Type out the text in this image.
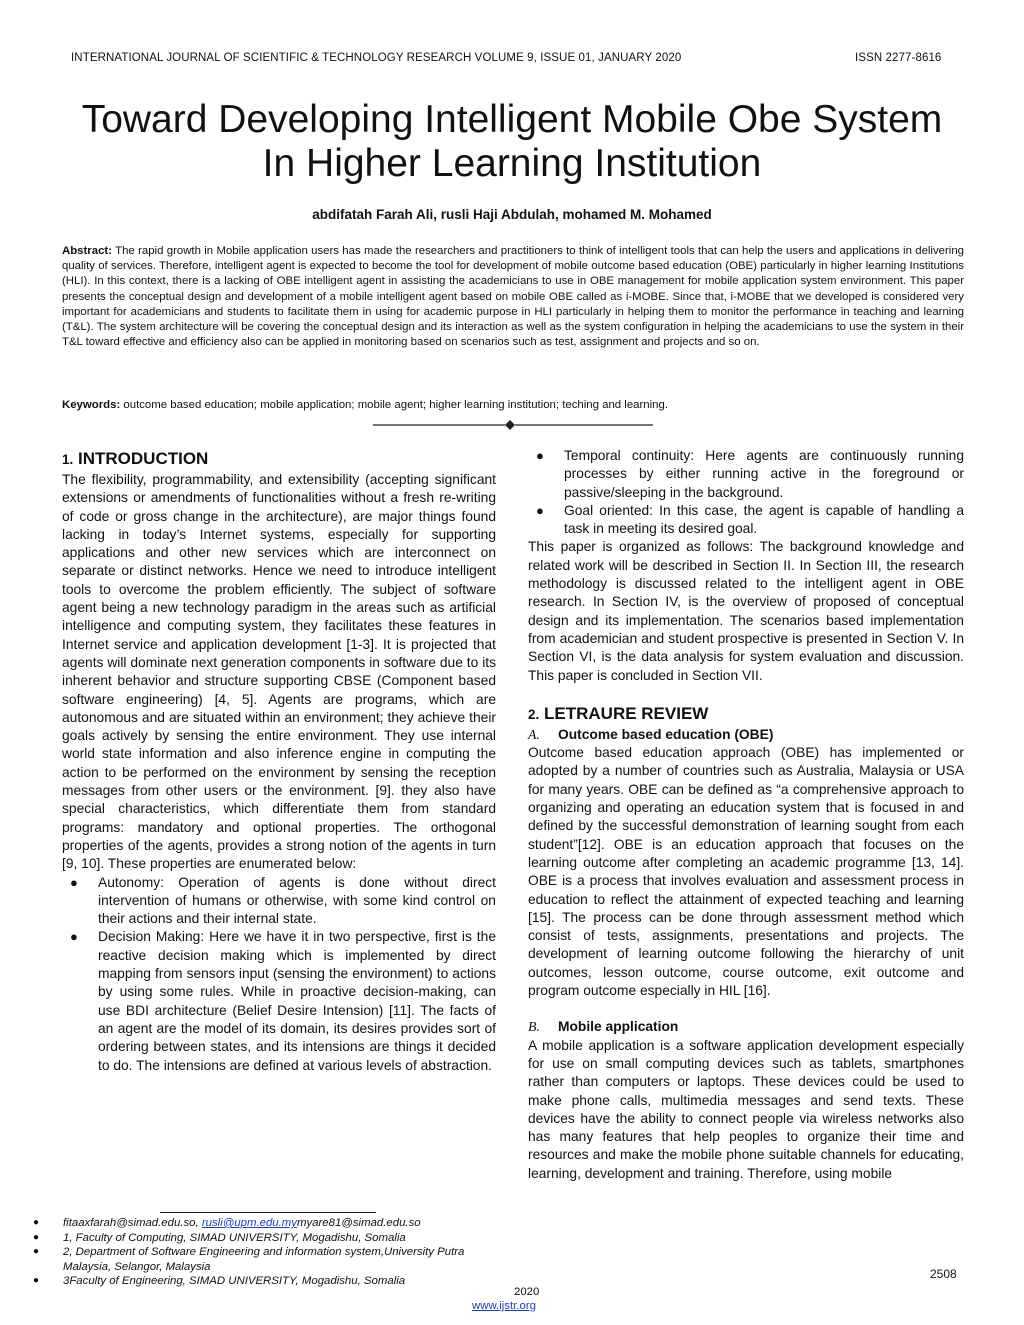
INTERNATIONAL JOURNAL OF SCIENTIFIC & TECHNOLOGY RESEARCH VOLUME 9, ISSUE 01, JANUARY 2020	ISSN 2277-8616
Toward Developing Intelligent Mobile Obe System
In Higher Learning Institution
abdifatah Farah Ali, rusli Haji Abdulah, mohamed M. Mohamed
Abstract: The rapid growth in Mobile application users has made the researchers and practitioners to think of intelligent tools that can help the users and applications in delivering quality of services. Therefore, intelligent agent is expected to become the tool for development of mobile outcome based education (OBE) particularly in higher learning Institutions (HLI). In this context, there is a lacking of OBE intelligent agent in assisting the academicians to use in OBE management for mobile application system environment. This paper presents the conceptual design and development of a mobile intelligent agent based on mobile OBE called as i-MOBE. Since that, i-MOBE that we developed is considered very important for academicians and students to facilitate them in using for academic purpose in HLI particularly in helping them to monitor the performance in teaching and learning (T&L). The system architecture will be covering the conceptual design and its interaction as well as the system configuration in helping the academicians to use the system in their T&L toward effective and efficiency also can be applied in monitoring based on scenarios such as test, assignment and projects and so on.
Keywords: outcome based education; mobile application; mobile agent; higher learning institution; teching and learning.
1. INTRODUCTION

The flexibility, programmability, and extensibility (accepting significant extensions or amendments of functionalities without a fresh re-writing of code or gross change in the architecture), are major things found lacking in today’s Internet systems, especially for supporting applications and other new services which are interconnect on separate or distinct networks. Hence we need to introduce intelligent tools to overcome the problem efficiently. The subject of software agent being a new technology paradigm in the areas such as artificial intelligence and computing system, they facilitates these features in Internet service and application development [1-3]. It is projected that agents will dominate next generation components in software due to its inherent behavior and structure supporting CBSE (Component based software engineering) [4, 5]. Agents are programs, which are autonomous and are situated within an environment; they achieve their goals actively by sensing the entire environment. They use internal world state information and also inference engine in computing the action to be performed on the environment by sensing the reception messages from other users or the environment. [9]. they also have special characteristics, which differentiate them from standard programs: mandatory and optional properties. The orthogonal properties of the agents, provides a strong notion of the agents in turn [9, 10]. These properties are enumerated below:

● Autonomy: Operation of agents is done without direct intervention of humans or otherwise, with some kind control on their actions and their internal state.
● Decision Making: Here we have it in two perspective, first is the reactive decision making which is implemented by direct mapping from sensors input (sensing the environment) to actions by using some rules. While in proactive decision-making, can use BDI architecture (Belief Desire Intension) [11]. The facts of an agent are the model of its domain, its desires provides sort of ordering between states, and its intensions are things it decided to do. The intensions are defined at various levels of abstraction.
● Temporal continuity: Here agents are continuously running processes by either running active in the foreground or passive/sleeping in the background.
● Goal oriented: In this case, the agent is capable of handling a task in meeting its desired goal.

This paper is organized as follows: The background knowledge and related work will be described in Section II. In Section III, the research methodology is discussed related to the intelligent agent in OBE research. In Section IV, is the overview of proposed of conceptual design and its implementation. The scenarios based implementation from academician and student prospective is presented in Section V. In Section VI, is the data analysis for system evaluation and discussion. This paper is concluded in Section VII.

2. LETRAURE REVIEW
A. Outcome based education (OBE)

Outcome based education approach (OBE) has implemented or adopted by a number of countries such as Australia, Malaysia or USA for many years. OBE can be defined as “a comprehensive approach to organizing and operating an education system that is focused in and defined by the successful demonstration of learning sought from each student”[12]. OBE is an education approach that focuses on the learning outcome after completing an academic programme [13, 14]. OBE is a process that involves evaluation and assessment process in education to reflect the attainment of expected teaching and learning [15]. The process can be done through assessment method which consist of tests, assignments, presentations and projects. The development of learning outcome following the hierarchy of unit outcomes, lesson outcome, course outcome, exit outcome and program outcome especially in HIL [16].

B. Mobile application

A mobile application is a software application development especially for use on small computing devices such as tablets, smartphones rather than computers or laptops. These devices could be used to make phone calls, multimedia messages and send texts. These devices have the ability to connect people via wireless networks also has many features that help peoples to organize their time and resources and make the mobile phone suitable channels for educating, learning, development and training. Therefore, using mobile

● fitaaxfarah@simad.edu.so, rusli@upm.edu.mymyare81@simad.edu.so
● 1, Faculty of Computing, SIMAD UNIVERSITY, Mogadishu, Somalia
● 2, Department of Software Engineering and information system,University Putra Malaysia, Selangor, Malaysia
● 3Faculty of Engineering, SIMAD UNIVERSITY, Mogadishu, Somalia
2508
2020
www.ijstr.org
